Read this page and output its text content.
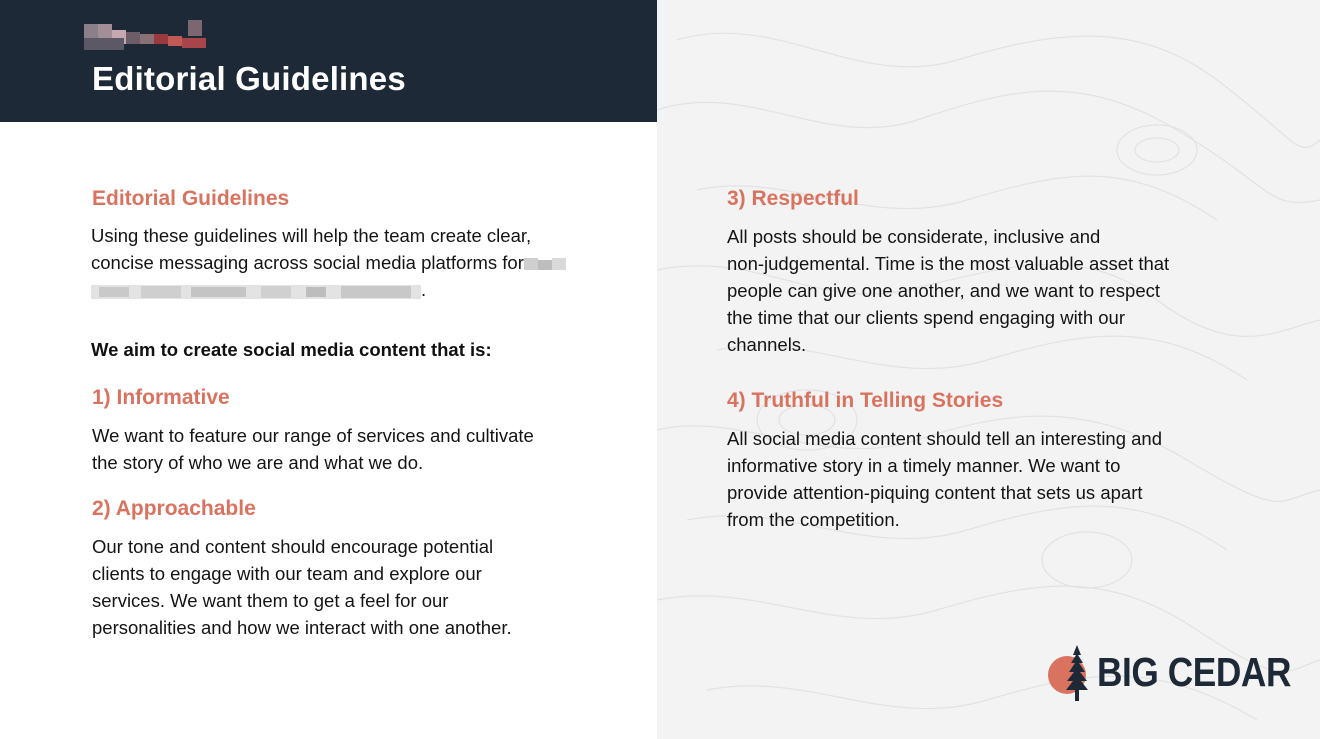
Editorial Guidelines
Editorial Guidelines
Using these guidelines will help the team create clear,
concise messaging across social media platforms for
.
We aim to create social media content that is:
1) Informative
We want to feature our range of services and cultivate
the story of who we are and what we do.
2) Approachable
Our tone and content should encourage potential
clients to engage with our team and explore our
services. We want them to get a feel for our
personalities and how we interact with one another.
3) Respectful
All posts should be considerate, inclusive and
non-judgemental. Time is the most valuable asset that
people can give one another, and we want to respect
the time that our clients spend engaging with our
channels.
4) Truthful in Telling Stories
All social media content should tell an interesting and
informative story in a timely manner. We want to
provide attention-piquing content that sets us apart
from the competition.
BIG CEDAR
